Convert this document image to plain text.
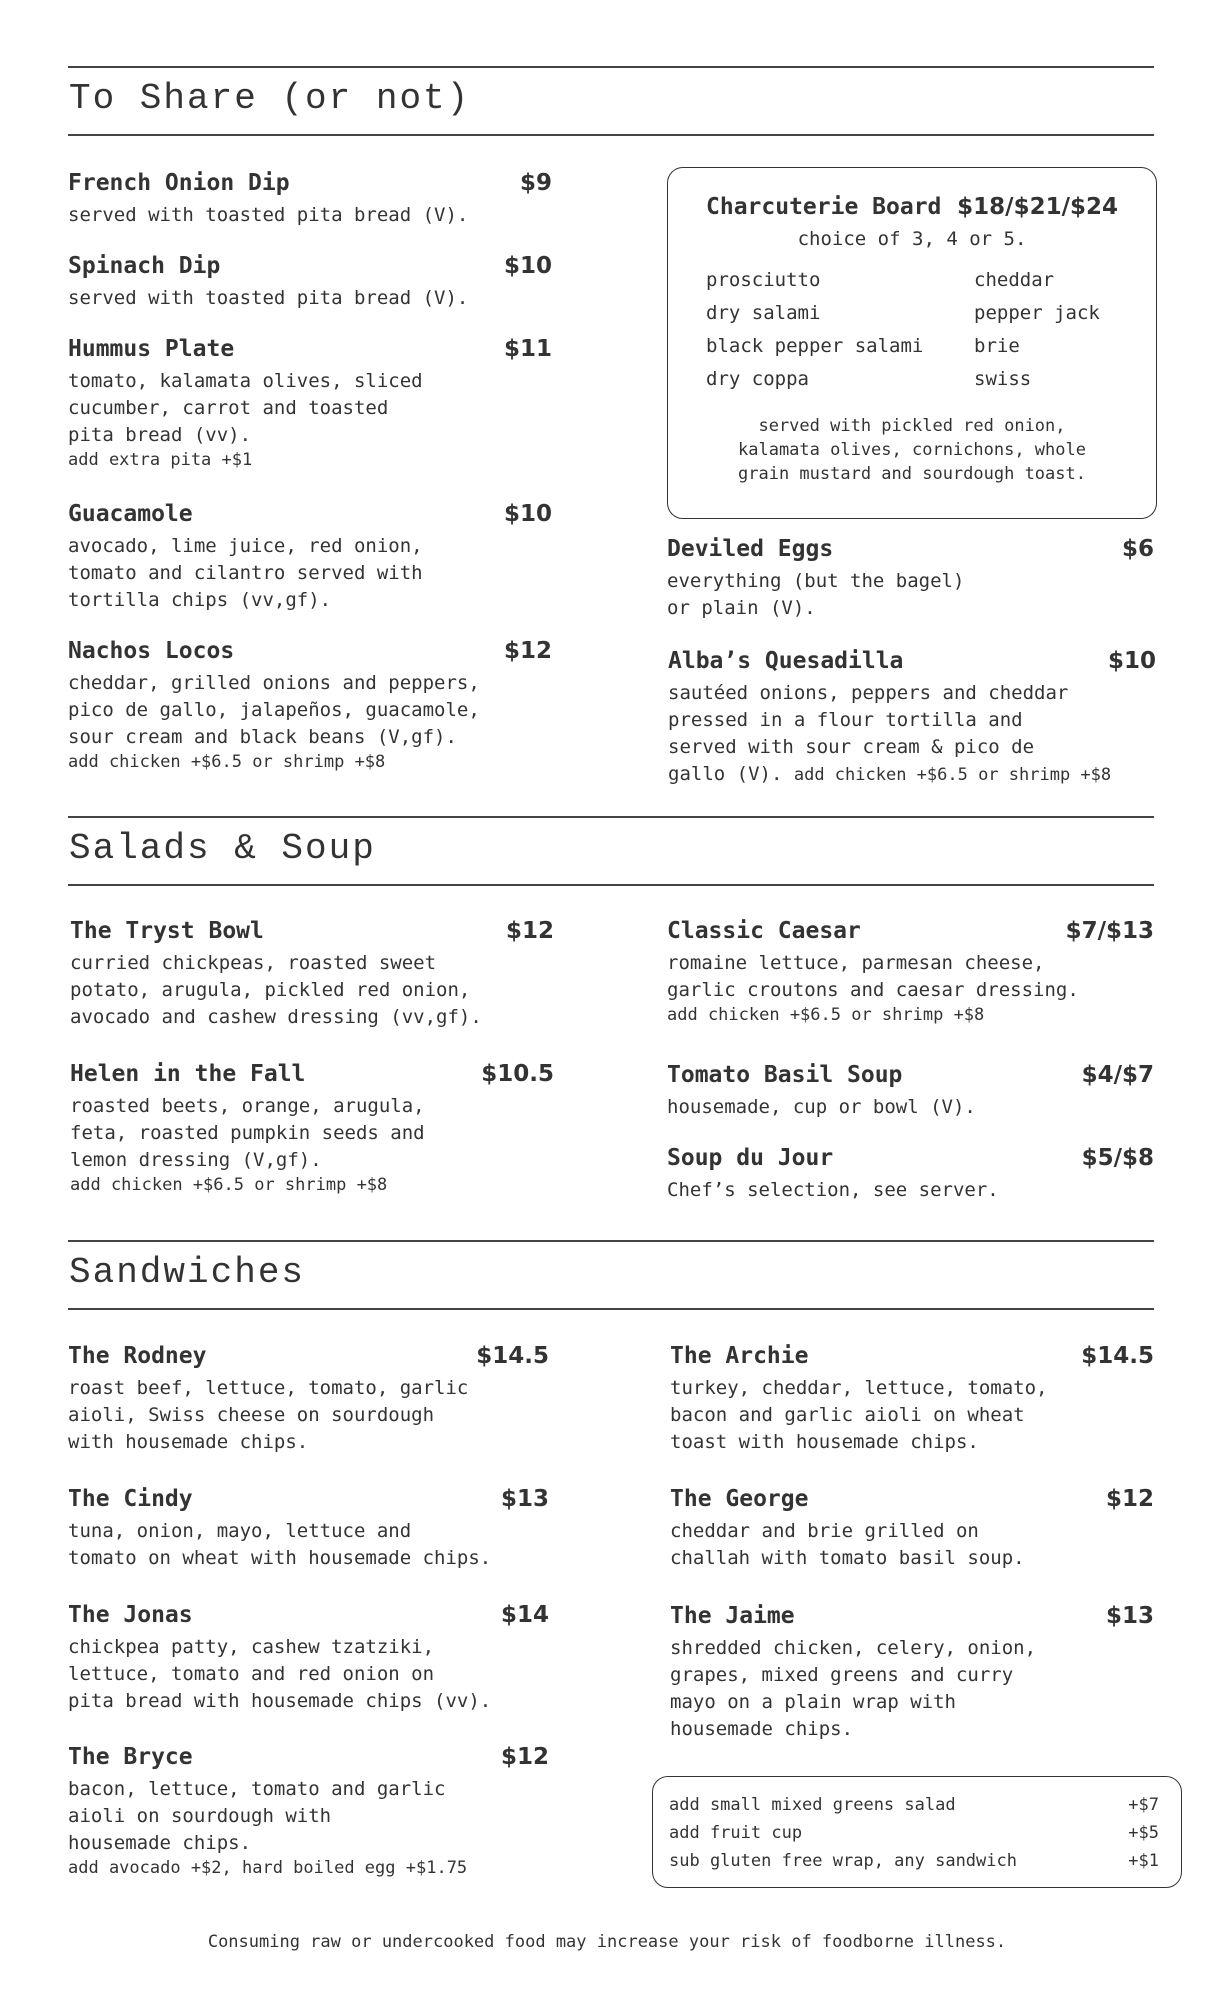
To Share (or not)
French Onion Dip	$9
served with toasted pita bread (V).
Spinach Dip	$10
served with toasted pita bread (V).
Hummus Plate	$11
tomato, kalamata olives, sliced
cucumber, carrot and toasted
pita bread (vv).
add extra pita +$1
Guacamole	$10
avocado, lime juice, red onion,
tomato and cilantro served with
tortilla chips (vv,gf).
Nachos Locos	$12
cheddar, grilled onions and peppers,
pico de gallo, jalapeños, guacamole,
sour cream and black beans (V,gf).
add chicken +$6.5 or shrimp +$8
Charcuterie Board $18/$21/$24
choice of 3, 4 or 5.
prosciutto	cheddar
dry salami	pepper jack
black pepper salami	brie
dry coppa	swiss
served with pickled red onion,
kalamata olives, cornichons, whole
grain mustard and sourdough toast.
Deviled Eggs	$6
everything (but the bagel)
or plain (V).
Alba’s Quesadilla	$10
sautéed onions, peppers and cheddar
pressed in a flour tortilla and
served with sour cream & pico de
gallo (V). add chicken +$6.5 or shrimp +$8
Salads & Soup
The Tryst Bowl	$12
curried chickpeas, roasted sweet
potato, arugula, pickled red onion,
avocado and cashew dressing (vv,gf).
Helen in the Fall	$10.5
roasted beets, orange, arugula,
feta, roasted pumpkin seeds and
lemon dressing (V,gf).
add chicken +$6.5 or shrimp +$8
Classic Caesar	$7/$13
romaine lettuce, parmesan cheese,
garlic croutons and caesar dressing.
add chicken +$6.5 or shrimp +$8
Tomato Basil Soup	$4/$7
housemade, cup or bowl (V).
Soup du Jour	$5/$8
Chef’s selection, see server.
Sandwiches
The Rodney	$14.5
roast beef, lettuce, tomato, garlic
aioli, Swiss cheese on sourdough
with housemade chips.
The Cindy	$13
tuna, onion, mayo, lettuce and
tomato on wheat with housemade chips.
The Jonas	$14
chickpea patty, cashew tzatziki,
lettuce, tomato and red onion on
pita bread with housemade chips (vv).
The Bryce	$12
bacon, lettuce, tomato and garlic
aioli on sourdough with
housemade chips.
add avocado +$2, hard boiled egg +$1.75
The Archie	$14.5
turkey, cheddar, lettuce, tomato,
bacon and garlic aioli on wheat
toast with housemade chips.
The George	$12
cheddar and brie grilled on
challah with tomato basil soup.
The Jaime	$13
shredded chicken, celery, onion,
grapes, mixed greens and curry
mayo on a plain wrap with
housemade chips.
add small mixed greens salad	+$7
add fruit cup	+$5
sub gluten free wrap, any sandwich	+$1
Consuming raw or undercooked food may increase your risk of foodborne illness.
